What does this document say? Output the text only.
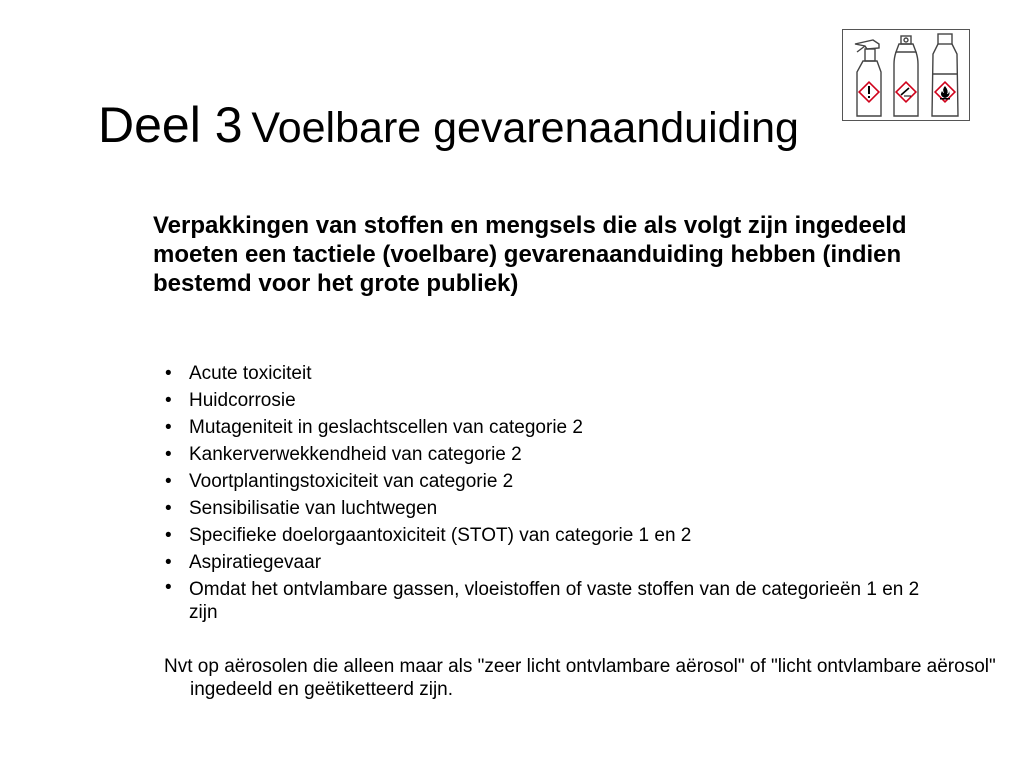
Deel 3 Voelbare gevarenaanduiding

Verpakkingen van stoffen en mengsels die als volgt zijn ingedeeld moeten een tactiele (voelbare) gevarenaanduiding hebben (indien bestemd voor het grote publiek)

• Acute toxiciteit
• Huidcorrosie
• Mutageniteit in geslachtscellen van categorie 2
• Kankerverwekkendheid van categorie 2
• Voortplantingstoxiciteit van categorie 2
• Sensibilisatie van luchtwegen
• Specifieke doelorgaantoxiciteit (STOT) van categorie 1 en 2
• Aspiratiegevaar
• Omdat het ontvlambare gassen, vloeistoffen of vaste stoffen van de categorieën 1 en 2 zijn

Nvt op aërosolen die alleen maar als "zeer licht ontvlambare aërosol" of "licht ontvlambare aërosol" ingedeeld en geëtiketteerd zijn.
